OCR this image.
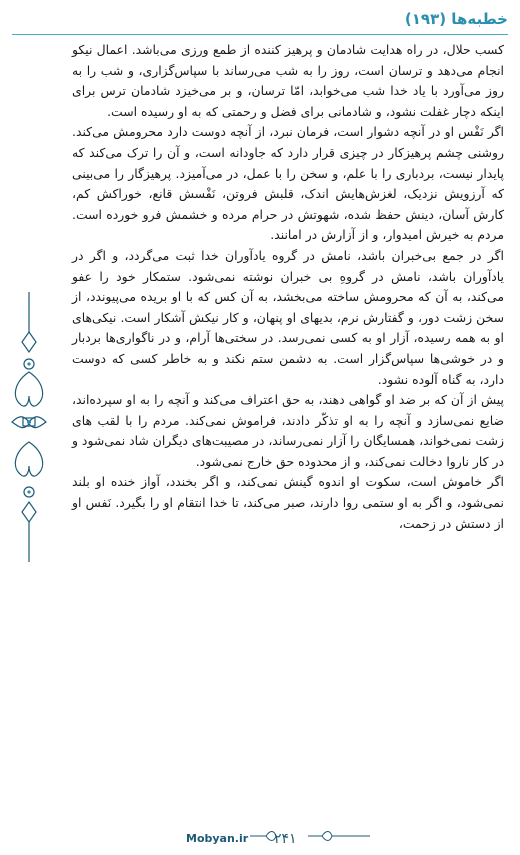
خطبه‌ها (۱۹۳)

کسب حلال، در راه هدایت شادمان و پرهیز کننده از طمع ورزی می‌باشد. اعمال نیکو انجام می‌دهد و ترسان است، روز را به شب می‌رساند با سپاس‌گزاری، و شب را به روز می‌آورد با یاد خدا شب می‌خوابد، امّا ترسان، و بر می‌خیزد شادمان ترس برای اینکه دچار غفلت نشود، و شادمانی برای فضل و رحمتی که به او رسیده است.

اگر نَفْس او در آنچه دشوار است، فرمان نبرد، از آنچه دوست دارد محرومش می‌کند. روشنی چشم پرهیزکار در چیزی قرار دارد که جاودانه است، و آن را ترک می‌کند که پایدار نیست، بردباری را با علم، و سخن را با عمل، در می‌آمیزد. پرهیزگار را می‌بینی که آرزویش نزدیک، لغزش‌هایش اندک، قلبش فروتن، نَفْسش قانع، خوراکش کم، کارش آسان، دینش حفظ شده، شهوتش در حرام مرده و خشمش فرو خورده است. مردم به خیرش امیدوار، و از آزارش در امانند.

اگر در جمع بی‌خبران باشد، نامش در گروه یادآوران خدا ثبت می‌گردد، و اگر در یادآوران باشد، نامش در گروهِ بی خبران نوشته نمی‌شود. ستمکار خود را عفو می‌کند، به آن که محرومش ساخته می‌بخشد، به آن کس که با او بریده می‌پیوندد، از سخن زشت دور، و گفتارش نرم، بدیهای او پنهان، و کار نیکش آشکار است. نیکی‌های او به همه رسیده، آزار او به کسی نمی‌رسد. در سختی‌ها آرام، و در ناگواری‌ها بردبار و در خوشی‌ها سپاس‌گزار است. به دشمن ستم نکند و به خاطر کسی که دوست دارد، به گناه آلوده نشود.

پیش از آن که بر ضد او گواهی دهند، به حق اعتراف می‌کند و آنچه را به او سپرده‌اند، ضایع نمی‌سازد و آنچه را به او تذکّر دادند، فراموش نمی‌کند. مردم را با لقب های زشت نمی‌خواند، همسایگان را آزار نمی‌رساند، در مصیبت‌های دیگران شاد نمی‌شود و در کار ناروا دخالت نمی‌کند، و از محدوده حق خارج نمی‌شود.

اگر خاموش است، سکوت او اندوه گینش نمی‌کند، و اگر بخندد، آواز خنده او بلند نمی‌شود، و اگر به او ستمی روا دارند، صبر می‌کند، تا خدا انتقام او را بگیرد. نَفس او از دستش در زحمت،

Mobyan.ir ۲۴۱
